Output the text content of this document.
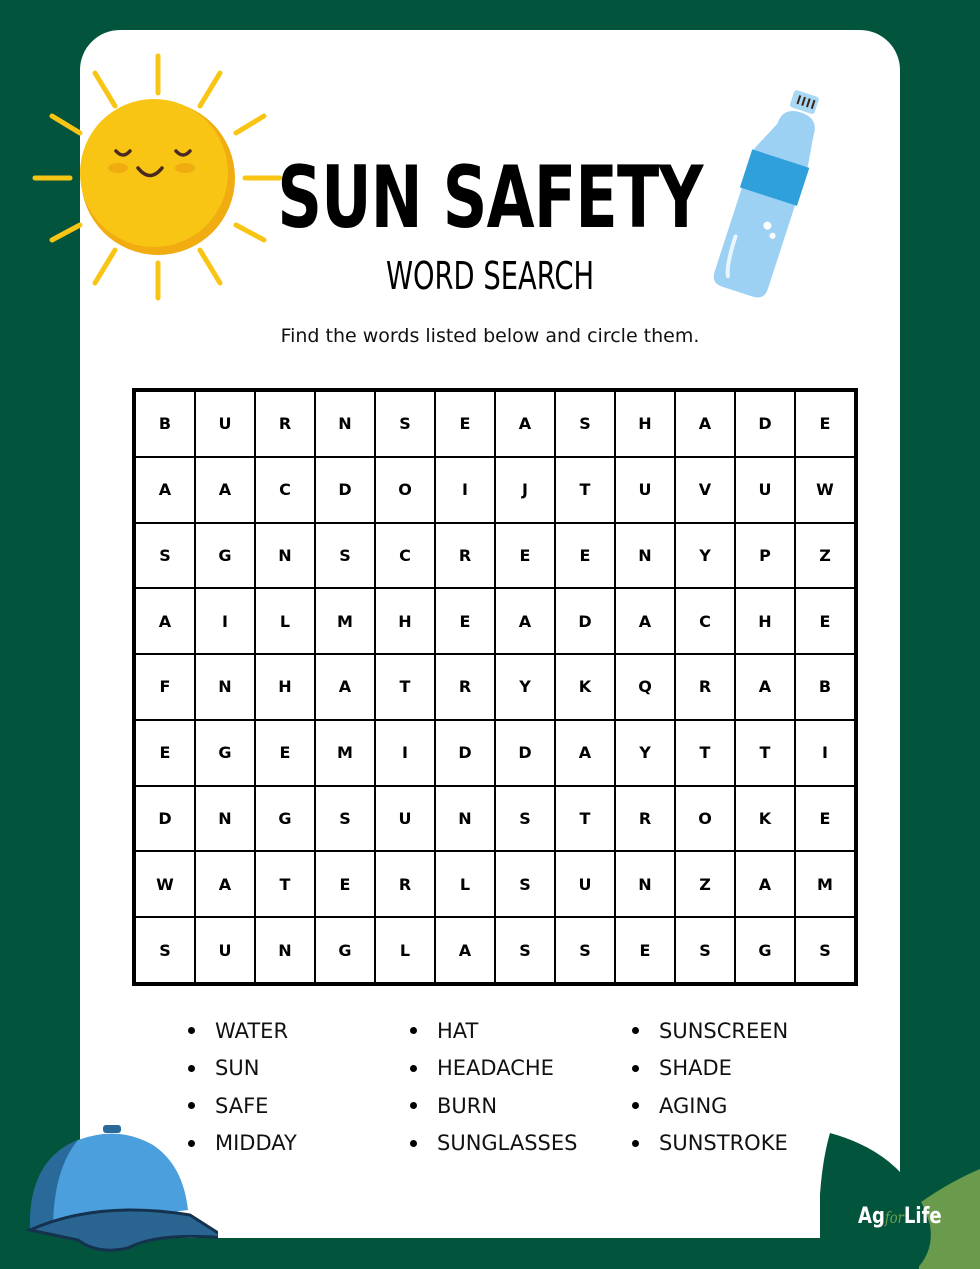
SUN SAFETY
WORD SEARCH
Find the words listed below and circle them.
B	U	R	N	S	E	A	S	H	A	D	E
A	A	C	D	O	I	J	T	U	V	U	W
S	G	N	S	C	R	E	E	N	Y	P	Z
A	I	L	M	H	E	A	D	A	C	H	E
F	N	H	A	T	R	Y	K	Q	R	A	B
E	G	E	M	I	D	D	A	Y	T	T	I
D	N	G	S	U	N	S	T	R	O	K	E
W	A	T	E	R	L	S	U	N	Z	A	M
S	U	N	G	L	A	S	S	E	S	G	S
WATER
SUN
SAFE
MIDDAY
HAT
HEADACHE
BURN
SUNGLASSES
SUNSCREEN
SHADE
AGING
SUNSTROKE
AgforLife
